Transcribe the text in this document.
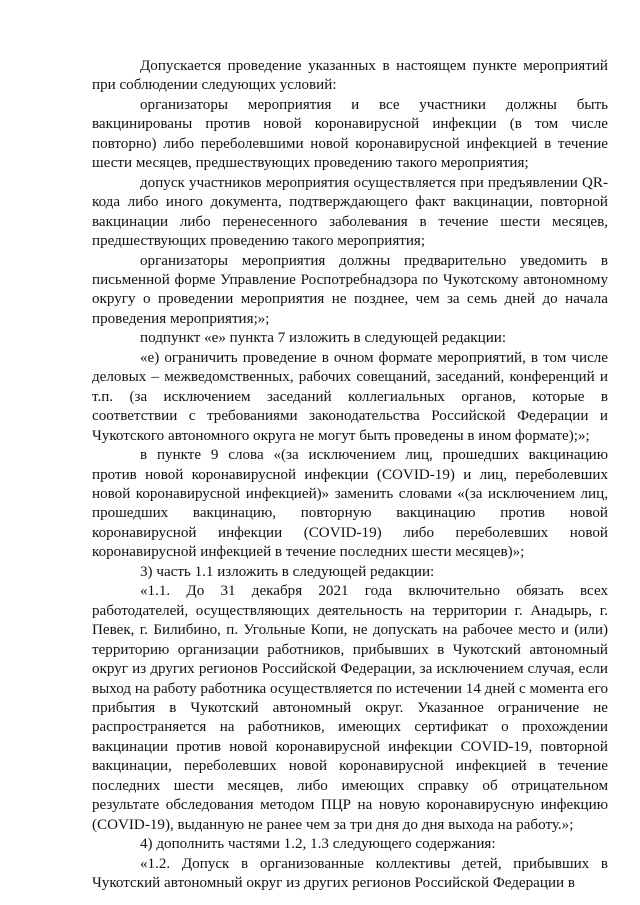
Допускается проведение указанных в настоящем пункте мероприятий при соблюдении следующих условий:

организаторы мероприятия и все участники должны быть вакцинированы против новой коронавирусной инфекции (в том числе повторно) либо переболевшими новой коронавирусной инфекцией в течение шести месяцев, предшествующих проведению такого мероприятия;

допуск участников мероприятия осуществляется при предъявлении QR-кода либо иного документа, подтверждающего факт вакцинации, повторной вакцинации либо перенесенного заболевания в течение шести месяцев, предшествующих проведению такого мероприятия;

организаторы мероприятия должны предварительно уведомить в письменной форме Управление Роспотребнадзора по Чукотскому автономному округу о проведении мероприятия не позднее, чем за семь дней до начала проведения мероприятия;»;

подпункт «е» пункта 7 изложить в следующей редакции:

«е) ограничить проведение в очном формате мероприятий, в том числе деловых – межведомственных, рабочих совещаний, заседаний, конференций и т.п. (за исключением заседаний коллегиальных органов, которые в соответствии с требованиями законодательства Российской Федерации и Чукотского автономного округа не могут быть проведены в ином формате);»;

в пункте 9 слова «(за исключением лиц, прошедших вакцинацию против новой коронавирусной инфекции (COVID-19) и лиц, переболевших новой коронавирусной инфекцией)» заменить словами «(за исключением лиц, прошедших вакцинацию, повторную вакцинацию против новой коронавирусной инфекции (COVID-19) либо переболевших новой коронавирусной инфекцией в течение последних шести месяцев)»;

3) часть 1.1 изложить в следующей редакции:

«1.1. До 31 декабря 2021 года включительно обязать всех работодателей, осуществляющих деятельность на территории г. Анадырь, г. Певек, г. Билибино, п. Угольные Копи, не допускать на рабочее место и (или) территорию организации работников, прибывших в Чукотский автономный округ из других регионов Российской Федерации, за исключением случая, если выход на работу работника осуществляется по истечении 14 дней с момента его прибытия в Чукотский автономный округ. Указанное ограничение не распространяется на работников, имеющих сертификат о прохождении вакцинации против новой коронавирусной инфекции COVID-19, повторной вакцинации, переболевших новой коронавирусной инфекцией в течение последних шести месяцев, либо имеющих справку об отрицательном результате обследования методом ПЦР на новую коронавирусную инфекцию (COVID-19), выданную не ранее чем за три дня до дня выхода на работу.»;

4) дополнить частями 1.2, 1.3 следующего содержания:

«1.2. Допуск в организованные коллективы детей, прибывших в Чукотский автономный округ из других регионов Российской Федерации в
